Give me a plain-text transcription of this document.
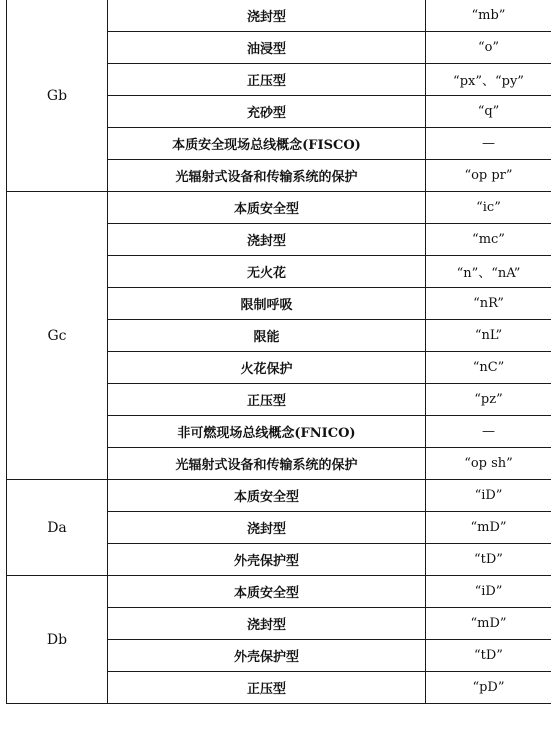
Gb	浇封型	“mb”
	油浸型	“o”
	正压型	“px”、“py”
	充砂型	“q”
	本质安全现场总线概念(FISCO)	—
	光辐射式设备和传输系统的保护	“op pr”
Gc	本质安全型	“ic”
	浇封型	“mc”
	无火花	“n”、“nA”
	限制呼吸	“nR”
	限能	“nL”
	火花保护	“nC”
	正压型	“pz”
	非可燃现场总线概念(FNICO)	—
	光辐射式设备和传输系统的保护	“op sh”
Da	本质安全型	“iD”
	浇封型	“mD”
	外壳保护型	“tD”
Db	本质安全型	“iD”
	浇封型	“mD”
	外壳保护型	“tD”
	正压型	“pD”
